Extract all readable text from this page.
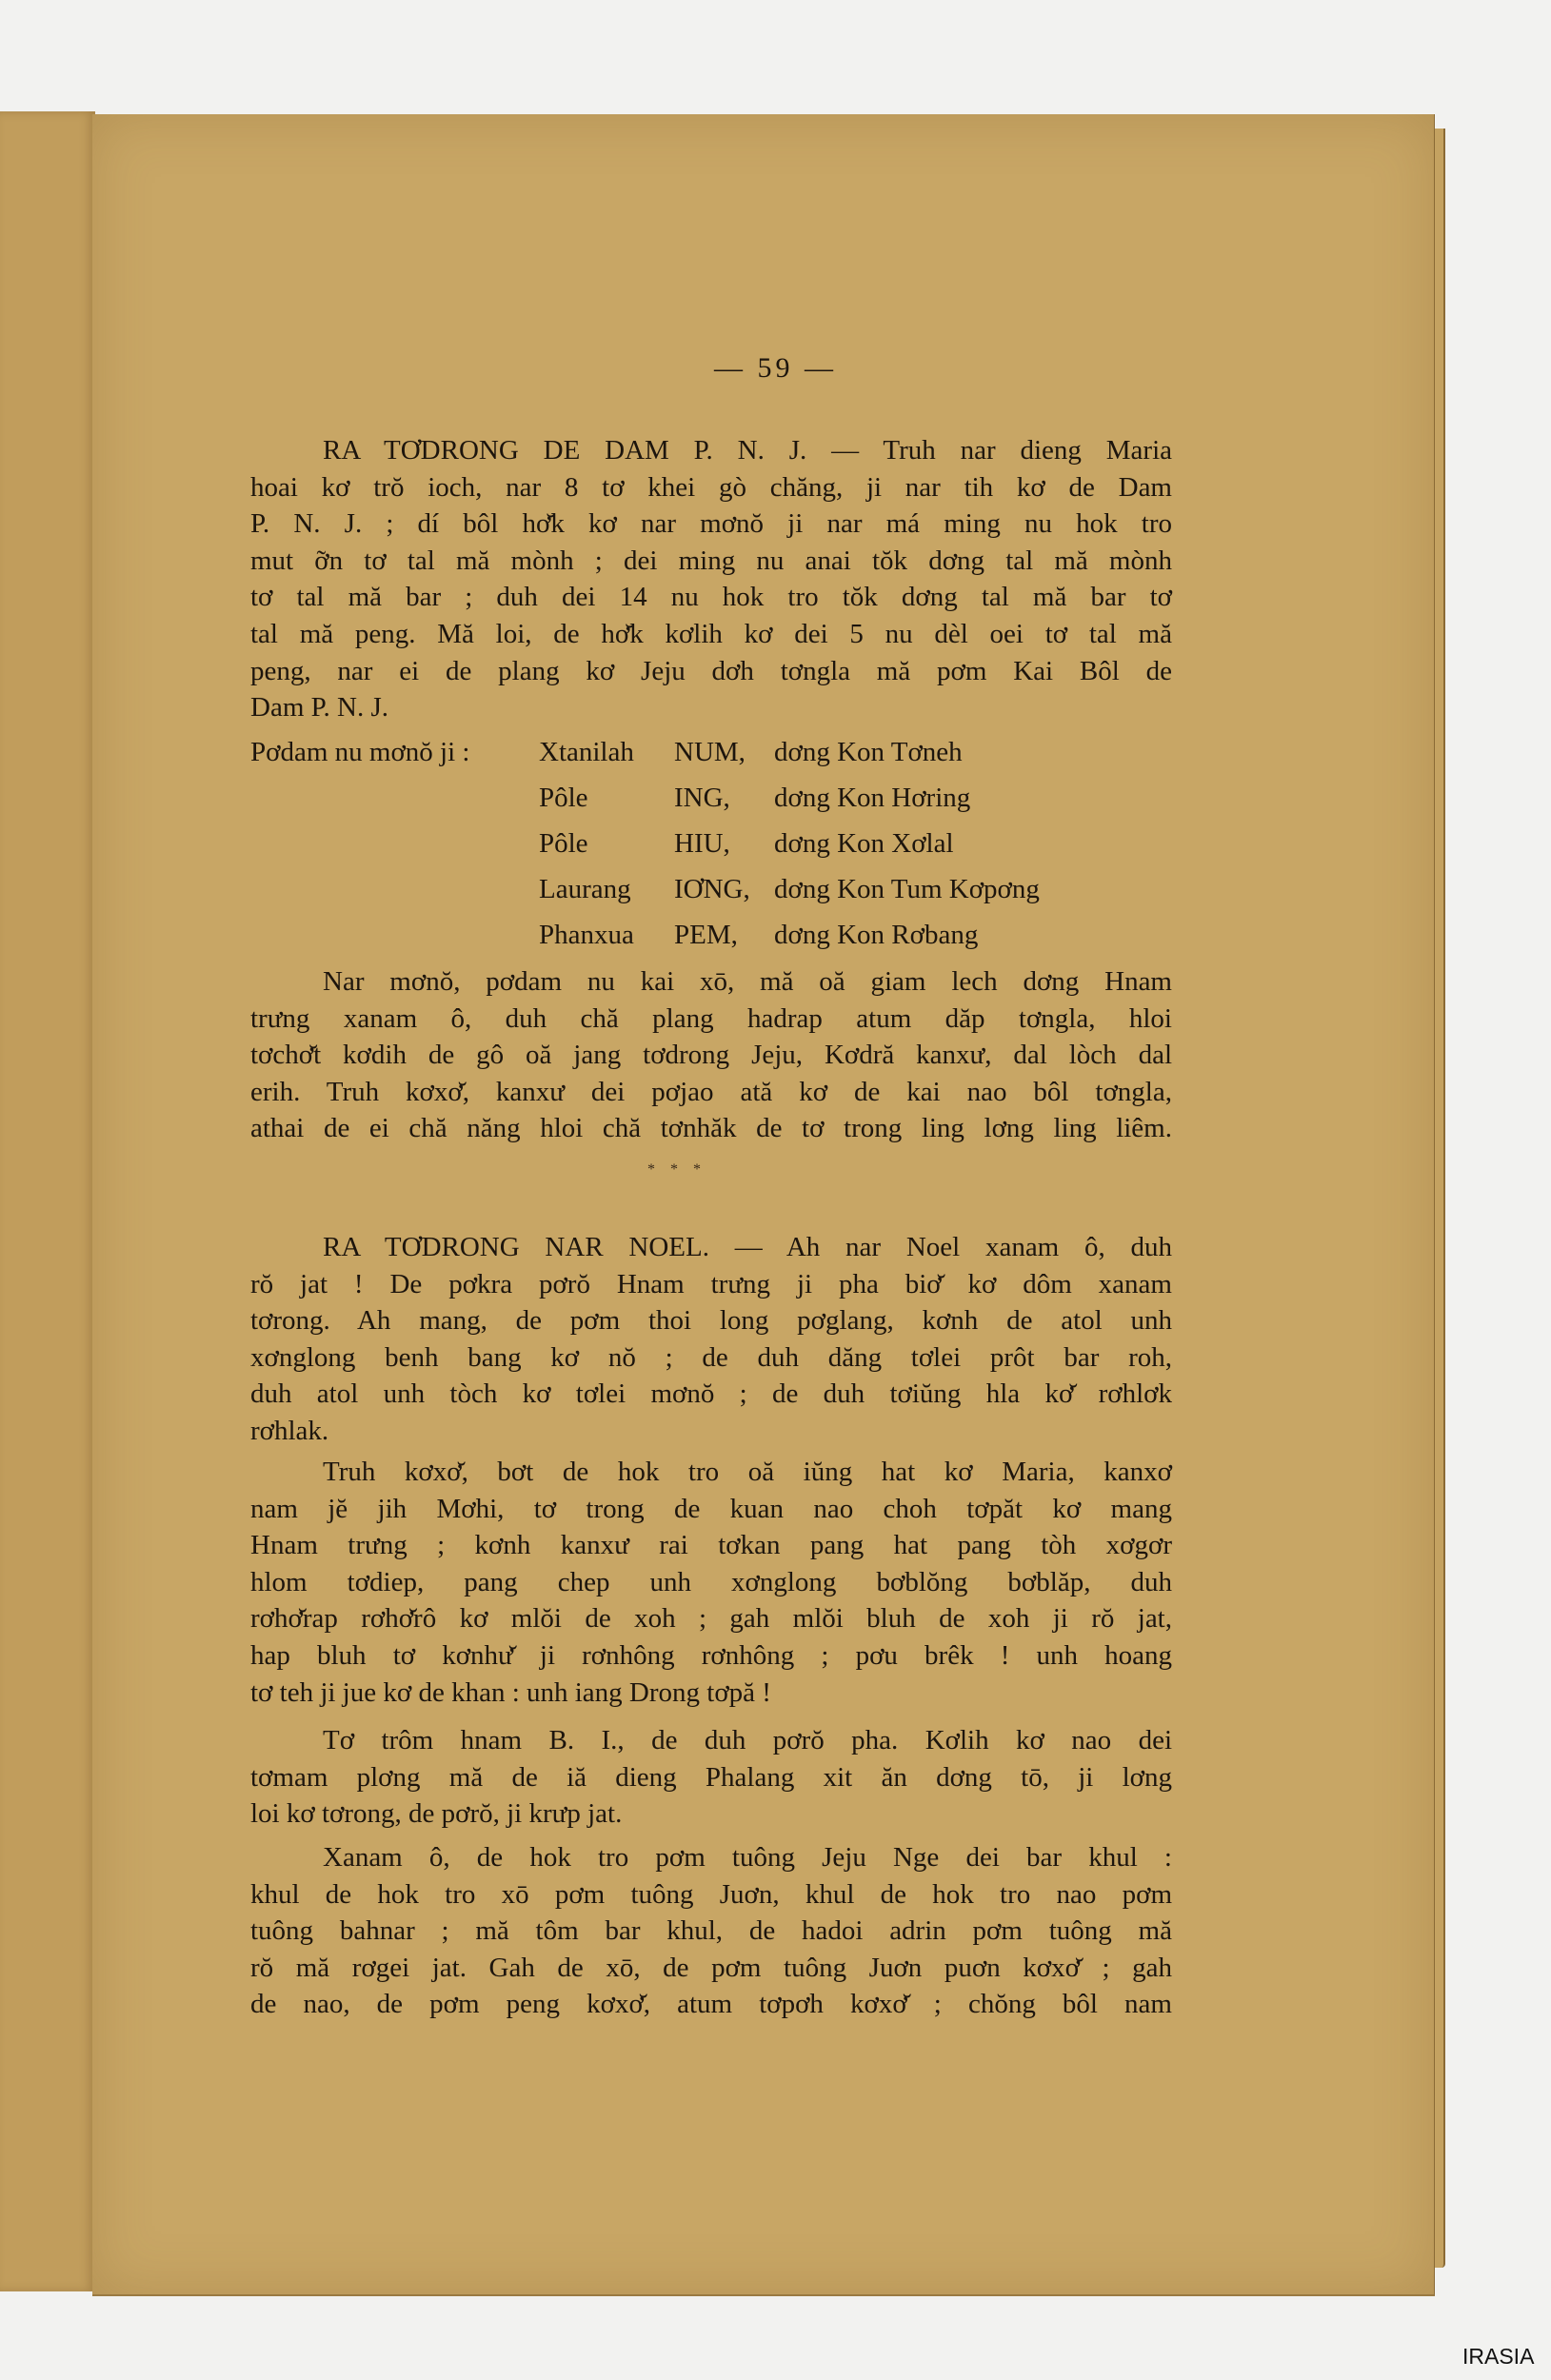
— 59 —
RA TƠDRONG DE DAM P. N. J. — Truh nar dieng Maria
hoai kơ trŏ ioch, nar 8 tơ khei gò chăng, ji nar tih kơ de Dam
P. N. J. ; dí bôl hơ̆k kơ nar mơnŏ ji nar má ming nu hok tro
mut ỡn tơ tal mă mònh ; dei ming nu anai tŏk dơng tal mă mònh
tơ tal mă bar ; duh dei 14 nu hok tro tŏk dơng tal mă bar tơ
tal mă peng. Mă loi, de hơ̆k kơlih kơ dei 5 nu dèl oei tơ tal mă
peng, nar ei de plang kơ Jeju dơh tơngla mă pơm Kai Bôl de
Dam P. N. J.
Pơdam nu mơnŏ ji :	Xtanilah NUM, dơng Kon Tơneh
Pôle	ING, dơng Kon Hơring
Pôle	HIU, dơng Kon Xơlal
Laurang IƠNG, dơng Kon Tum Kơpơng
Phanxua PEM, dơng Kon Rơbang
Nar mơnŏ, pơdam nu kai xō, mă oă giam lech dơng Hnam
trưng xanam ô, duh chă plang hadrap atum dăp tơngla, hloi
tơchơ̆t kơdih de gô oă jang tơdrong Jeju, Kơdră kanxư, dal lòch dal
erih. Truh kơxơ̆, kanxư dei pơjao ată kơ de kai nao bôl tơngla,
athai de ei chă năng hloi chă tơnhăk de tơ trong ling lơng ling liêm.
* * *
RA TƠDRONG NAR NOEL. — Ah nar Noel xanam ô, duh
rŏ jat ! De pơkra pơrŏ Hnam trưng ji pha biơ̆ kơ dôm xanam
tơrong. Ah mang, de pơm thoi long pơglang, kơnh de atol unh
xơnglong benh bang kơ nŏ ; de duh dăng tơlei prôt bar roh,
duh atol unh tòch kơ tơlei mơnŏ ; de duh tơiŭng hla kơ̆ rơhlơk
rơhlak.
Truh kơxơ̆, bơt de hok tro oă iŭng hat kơ Maria, kanxơ
nam jĕ jih Mơhi, tơ trong de kuan nao choh tơpăt kơ mang
Hnam trưng ; kơnh kanxư rai tơkan pang hat pang tòh xơgơr
hlom tơdiep, pang chep unh xơnglong bơblŏng bơblăp, duh
rơhơ̆rap rơhơ̆rô kơ mlŏi de xoh ; gah mlŏi bluh de xoh ji rŏ jat,
hap bluh tơ kơnhư̆ ji rơnhông rơnhông ; pơu brêk ! unh hoang
tơ teh ji jue kơ de khan : unh iang Drong tơpă !
Tơ trôm hnam B. I., de duh pơrŏ pha. Kơlih kơ nao dei
tơmam plơng mă de iă dieng Phalang xit ăn dơng tō, ji lơng
loi kơ tơrong, de pơrŏ, ji krưp jat.
Xanam ô, de hok tro pơm tuông Jeju Nge dei bar khul :
khul de hok tro xō pơm tuông Juơn, khul de hok tro nao pơm
tuông bahnar ; mă tôm bar khul, de hadoi adrin pơm tuông mă
rŏ mă rơgei jat. Gah de xō, de pơm tuông Juơn puơn kơxơ̆ ; gah
de nao, de pơm peng kơxơ̆, atum tơpơh kơxơ̆ ; chŏng bôl nam
IRASIA
